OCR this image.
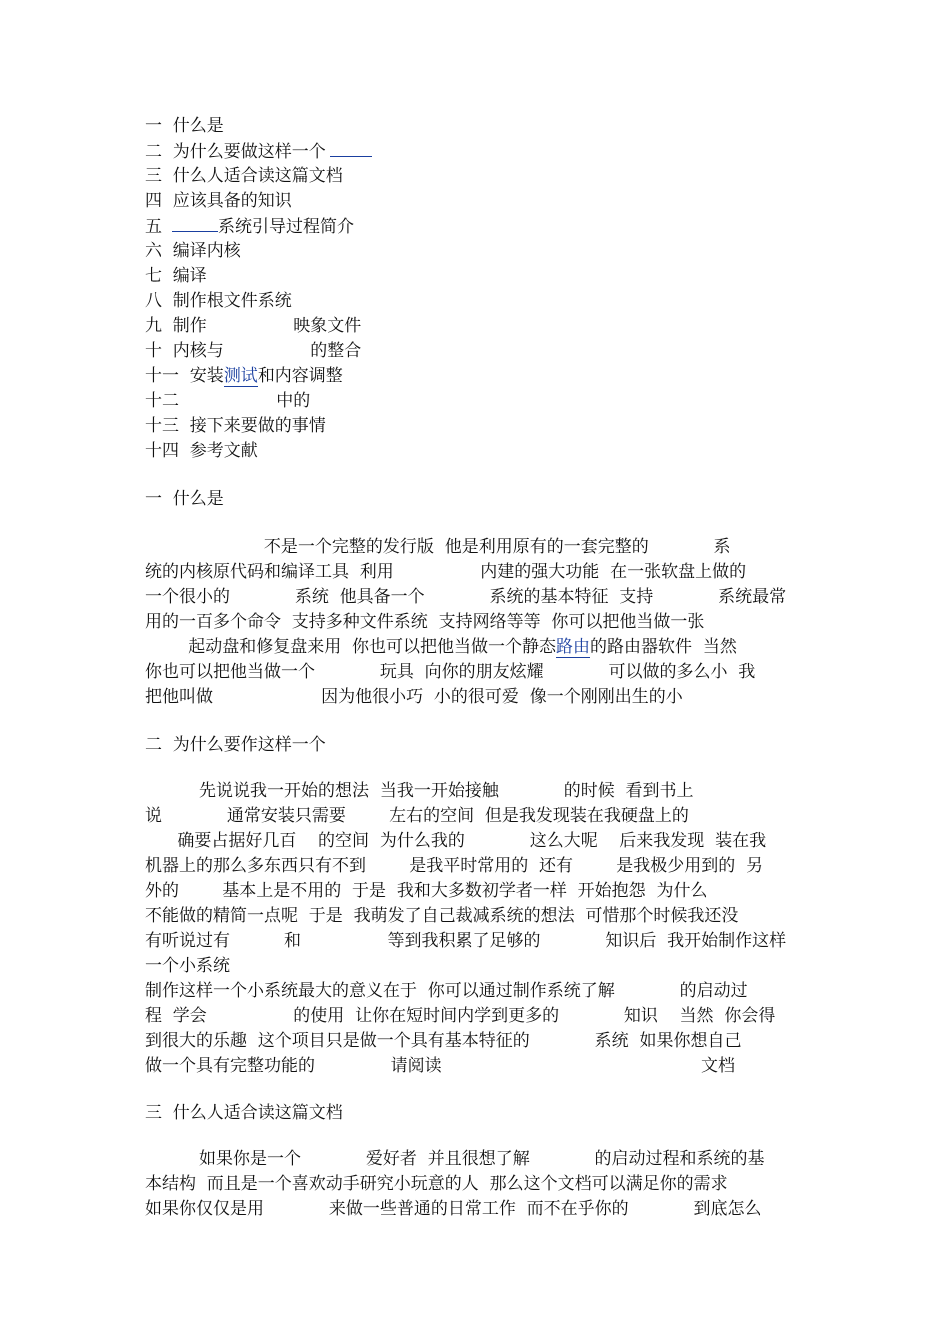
一  什么是
二  为什么要做这样一个
三  什么人适合读这篇文档
四  应该具备的知识
五	系统引导过程简介
六  编译内核
七  编译
八  制作根文件系统
九  制作                映象文件
十  内核与                的整合
十一  安装测试和内容调整
十二                  中的
十三  接下来要做的事情
十四  参考文献
一  什么是
不是一个完整的发行版  他是利用原有的一套完整的            系
统的内核原代码和编译工具  利用                内建的强大功能  在一张软盘上做的
一个很小的            系统  他具备一个            系统的基本特征  支持            系统最常
用的一百多个命令  支持多种文件系统  支持网络等等  你可以把他当做一张
起动盘和修复盘来用  你也可以把他当做一个静态路由的路由器软件  当然
你也可以把他当做一个            玩具  向你的朋友炫耀            可以做的多么小  我
把他叫做                    因为他很小巧  小的很可爱  像一个刚刚出生的小
二  为什么要作这样一个
先说说我一开始的想法  当我一开始接触            的时候  看到书上
说            通常安装只需要        左右的空间  但是我发现装在我硬盘上的
确要占据好几百    的空间  为什么我的            这么大呢    后来我发现  装在我
机器上的那么多东西只有不到        是我平时常用的  还有        是我极少用到的  另
外的        基本上是不用的  于是  我和大多数初学者一样  开始抱怨  为什么
不能做的精简一点呢  于是  我萌发了自己裁减系统的想法  可惜那个时候我还没
有听说过有          和                等到我积累了足够的            知识后  我开始制作这样
一个小系统
制作这样一个小系统最大的意义在于  你可以通过制作系统了解            的启动过
程  学会                的使用  让你在短时间内学到更多的            知识    当然  你会得
到很大的乐趣  这个项目只是做一个具有基本特征的            系统  如果你想自己
做一个具有完整功能的              请阅读                                                文档
三  什么人适合读这篇文档
如果你是一个            爱好者  并且很想了解            的启动过程和系统的基
本结构  而且是一个喜欢动手研究小玩意的人  那么这个文档可以满足你的需求
如果你仅仅是用            来做一些普通的日常工作  而不在乎你的            到底怎么
